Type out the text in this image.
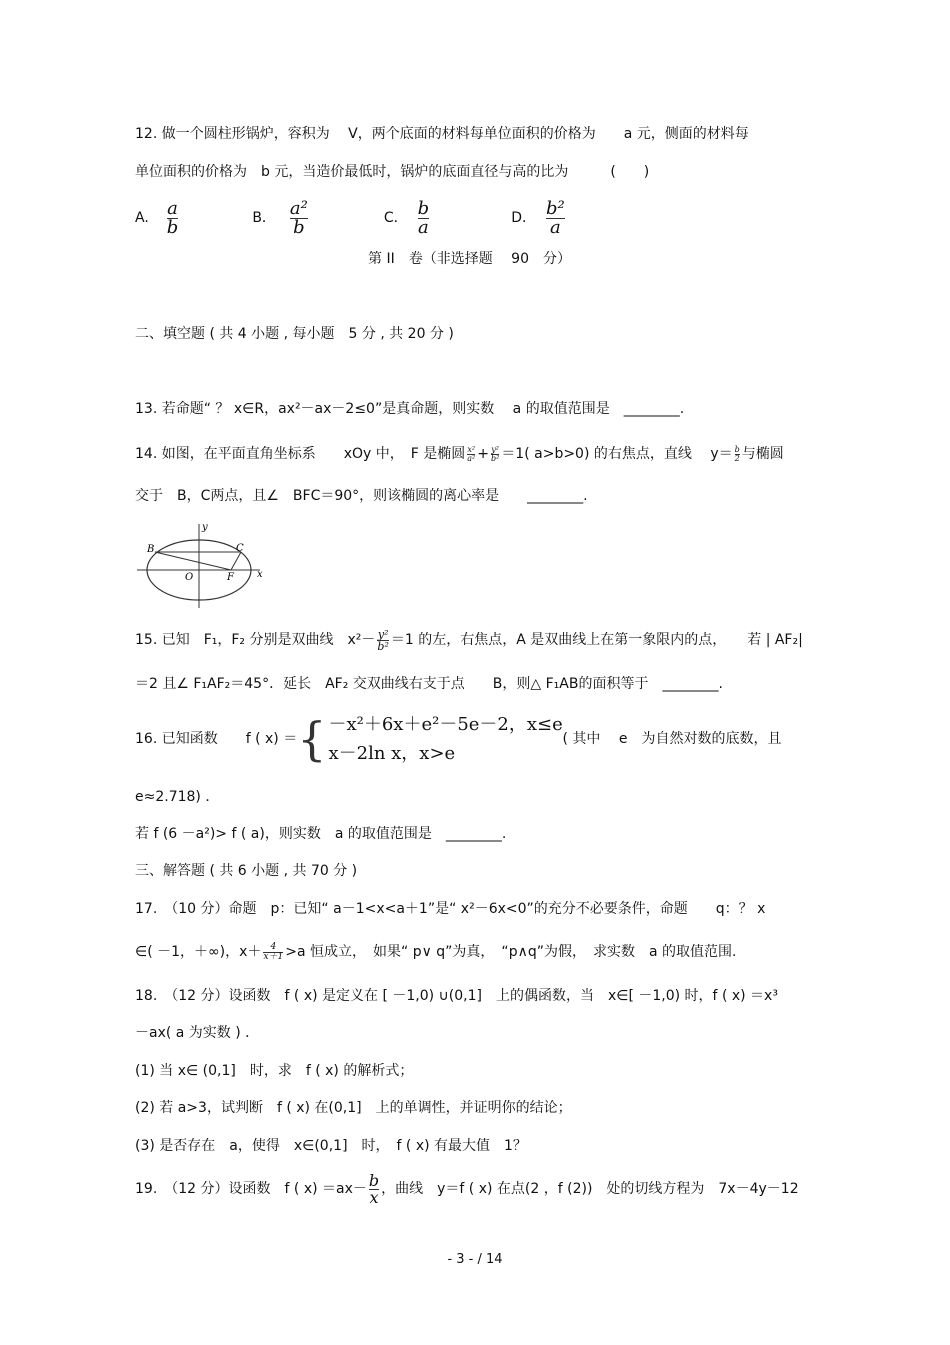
12. 做一个圆柱形锅炉，容积为　 V，两个底面的材料每单位面积的价格为　　a 元，侧面的材料每
单位面积的价格为　b 元，当造价最低时，锅炉的底面直径与高的比为　　　(　　)
A. $\frac{a}{b}$	B． $\frac{\text{a²}}{b}$	C． $\frac{b}{a}$	D． $\frac{\text{b²}}{a}$
第 II　卷（非选择题　 90　分）
二、填空题 ( 共 4 小题 , 每小题　5 分 , 共 20 分 )
13. 若命题“ ？ x∈R，ax²－ax－2≤0”是真命题，则实数　 a 的取值范围是　________.
14. 如图，在平面直角坐标系　　xOy 中，　F 是椭圆 $\frac{\text{x²}}{\text{a²}} + \frac{\text{y²}}{\text{b²}} =1$( a>b>0) 的右焦点，直线　 $y= \frac{b}{2}$ 与椭圆
交于　B，C两点，且∠　BFC＝90°，则该椭圆的离心率是　　________.
y
x
B	C
O	F
15. 已知　F₁，F₂ 分别是双曲线　$x^2- \frac{\text{y²}}{\text{b²}} =1$ 的左，右焦点，A 是双曲线上在第一象限内的点，　　若 | AF₂|
＝2 且∠ F₁AF₂＝45°．延长　AF₂ 交双曲线右支于点　　B，则△ F₁AB的面积等于　________.
16. 已知函数　　f ( x) ＝ { －x²＋6x＋e²－5e－2，x≤e
x－2ln x，x>e
( 其中　 e　为自然对数的底数，且
e≈2.718) ．
若 f (6 －a²)> f ( a)，则实数　a 的取值范围是　________.
三、解答题 ( 共 6 小题 , 共 70 分 )
17.　（10 分）命题　p：已知“ a－1<x<a＋1”是“ x²－6x<0”的充分不必要条件，命题　　q：？ x
∈( －1，＋∞)，$x+ \frac{4}{x+1} >a$ 恒成立，　如果“ p∨ q”为真，　“p∧q”为假，　求实数　a 的取值范围.
18.　（12 分）设函数　f ( x) 是定义在 [ －1,0) ∪(0,1]　上的偶函数，当　x∈[ －1,0) 时，f ( x) ＝x³
－ax( a 为实数 ) ．
(1) 当 x∈ (0,1]　时，求　f ( x) 的解析式；
(2) 若 a>3，试判断　f ( x) 在(0,1]　上的单调性，并证明你的结论；
(3) 是否存在　a，使得　x∈(0,1]　时，　f ( x) 有最大值　1？
19.　（12 分）设函数　f ( $x) =ax- \frac{b}{x}$ ，曲线　y＝f ( x) 在点(2 ，f (2))　处的切线方程为　7x－4y－12
- 3 - / 14
